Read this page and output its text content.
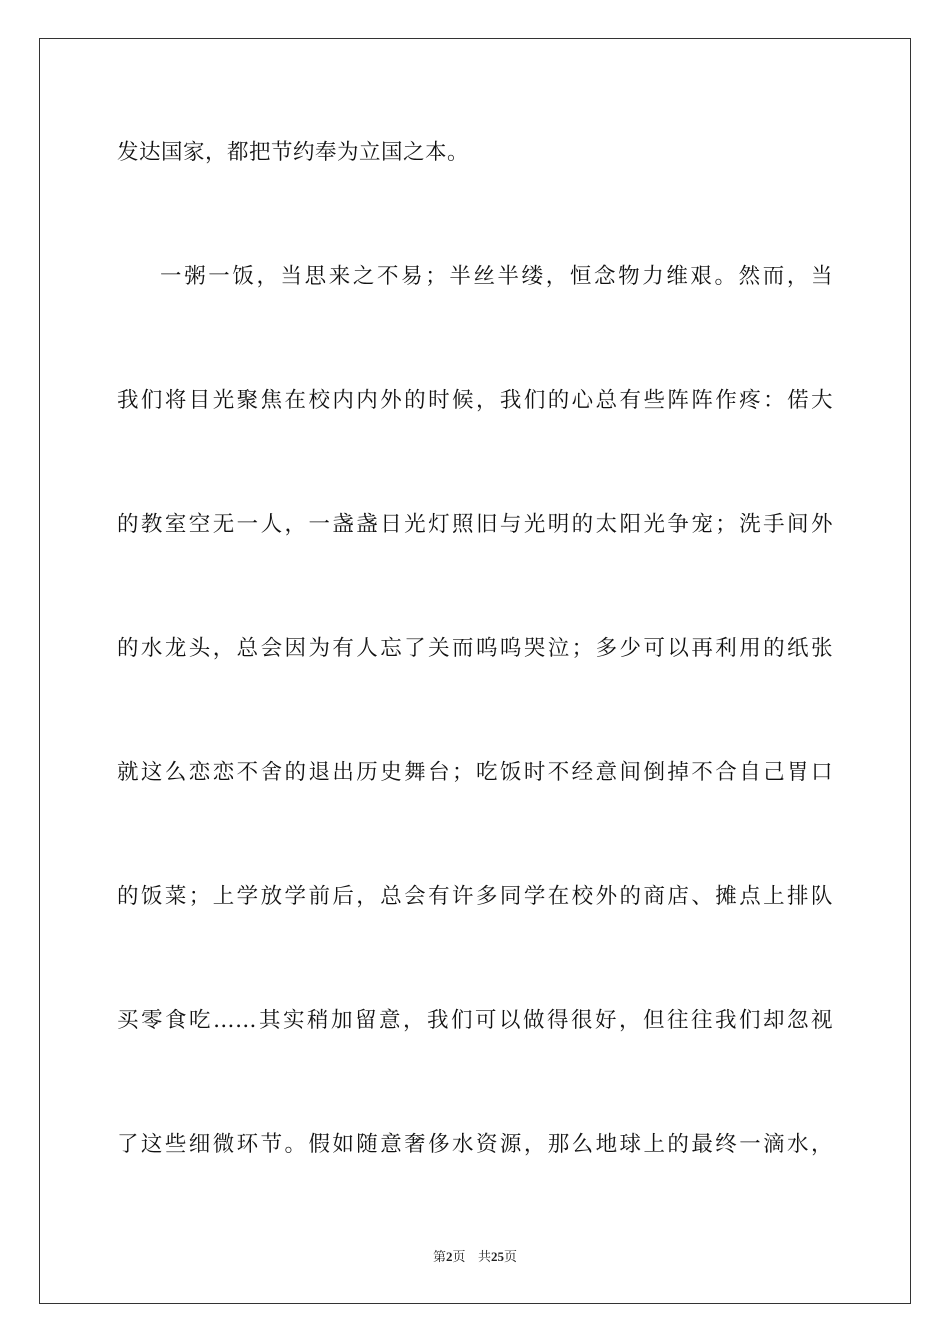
发达国家，都把节约奉为立国之本。
一粥一饭，当思来之不易；半丝半缕，恒念物力维艰。然而，当
我们将目光聚焦在校内内外的时候，我们的心总有些阵阵作疼：偌大
的教室空无一人，一盏盏日光灯照旧与光明的太阳光争宠；洗手间外
的水龙头，总会因为有人忘了关而呜呜哭泣；多少可以再利用的纸张
就这么恋恋不舍的退出历史舞台；吃饭时不经意间倒掉不合自己胃口
的饭菜；上学放学前后，总会有许多同学在校外的商店、摊点上排队
买零食吃……其实稍加留意，我们可以做得很好，但往往我们却忽视
了这些细微环节。假如随意奢侈水资源，那么地球上的最终一滴水，
第2页 共25页
